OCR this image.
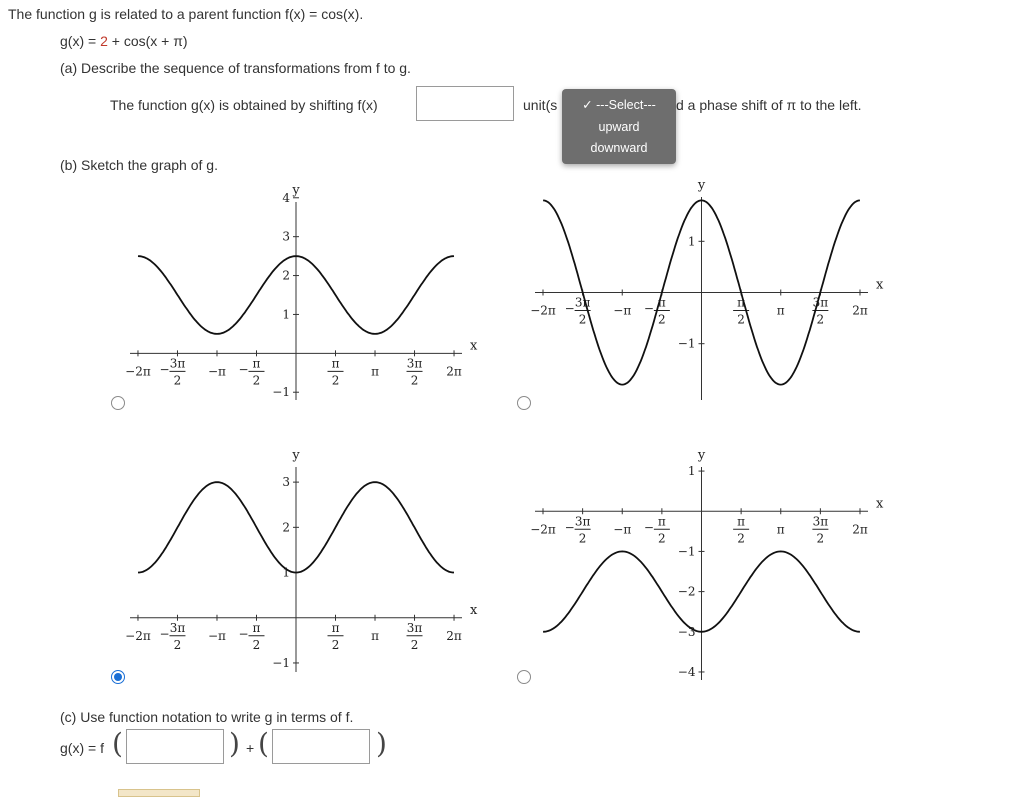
The function g is related to a parent function f(x) = cos(x).
g(x) = 2 + cos(x + π)
(a) Describe the sequence of transformations from f to g.
The function g(x) is obtained by shifting f(x)	unit(s	d a phase shift of π to the left.
✓ ---Select---
upward
downward
(b) Sketch the graph of g.
x
y
−2π − 3π
2
−π − π
2
π
2
π
3π
2
2π
−1
1
2
3
4
x
y
−2π − 3π
2
−π − π
2
π
2
π
3π
2
2π
−1
1
x
y
−2π − 3π
2
−π − π
2
π
2
π
3π
2
2π
−1
1
2
3
x
y
−2π − 3π
2
−π − π
2
π
2
π
3π
2
2π
1
−1
−2
−3
−4
(c) Use function notation to write g in terms of f.
g(x) = f (	) + (	)
